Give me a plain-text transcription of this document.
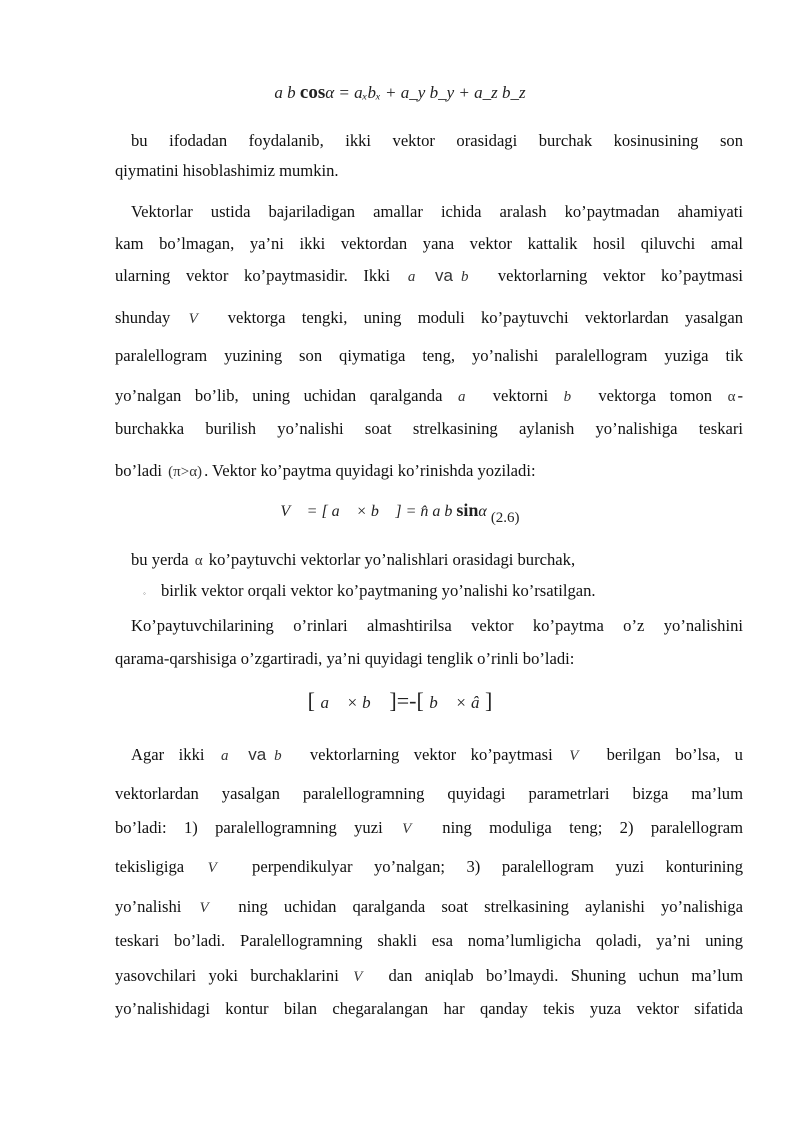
a b cosα = aₓbₓ + a_y b_y + a_z b_z
bu ifodadan foydalanib, ikki vektor orasidagi burchak kosinusining son
qiymatini hisoblashimiz mumkin.
Vektorlar ustida bajariladigan amallar ichida aralash ko’paytmadan ahamiyati
kam bo’lmagan, ya’ni ikki vektordan yana vektor kattalik hosil qiluvchi amal
ularning vektor ko’paytmasidir. Ikki a⃗ va b⃗ vektorlarning vektor ko’paytmasi
shunday V⃗ vektorga tengki, uning moduli ko’paytuvchi vektorlardan yasalgan
paralellogram yuzining son qiymatiga teng, yo’nalishi paralellogram yuziga tik
yo’nalgan bo’lib, uning uchidan qaralganda a⃗ vektorni b⃗ vektorga tomon α -
burchakka burilish yo’nalishi soat strelkasining aylanish yo’nalishiga teskari
bo’ladi (π>α) . Vektor ko’paytma quyidagi ko’rinishda yoziladi:
V⃗ = [ a⃗ × b⃗ ] = n̂ a b sinα (2.6)
bu yerda α ko’paytuvchi vektorlar yo’nalishlari orasidagi burchak,
◦ birlik vektor orqali vektor ko’paytmaning yo’nalishi ko’rsatilgan.
Ko’paytuvchilarining o’rinlari almashtirilsa vektor ko’paytma o’z yo’nalishini
qarama-qarshisiga o’zgartiradi, ya’ni quyidagi tenglik o’rinli bo’ladi:
[ a⃗ × b⃗ ]=-[ b⃗ × â ]
Agar ikki a⃗ va b⃗ vektorlarning vektor ko’paytmasi V⃗ berilgan bo’lsa, u
vektorlardan yasalgan paralellogramning quyidagi parametrlari bizga ma’lum
bo’ladi: 1) paralellogramning yuzi V⃗ ning moduliga teng; 2) paralellogram
tekisligiga V⃗ perpendikulyar yo’nalgan; 3) paralellogram yuzi konturining
yo’nalishi V⃗ ning uchidan qaralganda soat strelkasining aylanishi yo’nalishiga
teskari bo’ladi. Paralellogramning shakli esa noma’lumligicha qoladi, ya’ni uning
yasovchilari yoki burchaklarini V⃗ dan aniqlab bo’lmaydi. Shuning uchun ma’lum
yo’nalishidagi kontur bilan chegaralangan har qanday tekis yuza vektor sifatida
